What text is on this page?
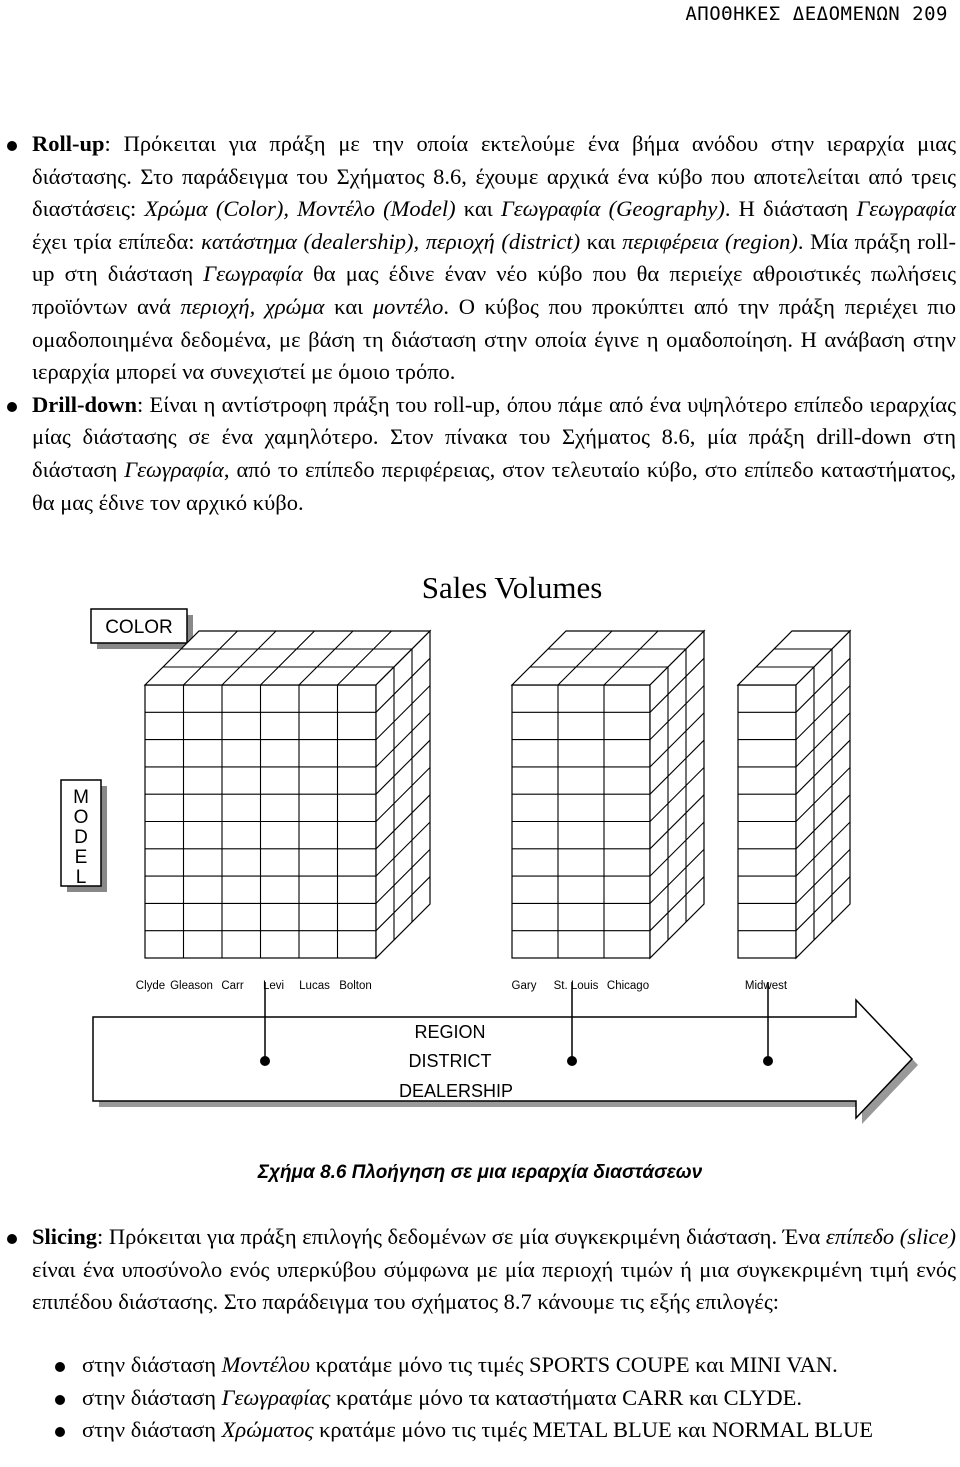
ΑΠΟΘΗΚΕΣ ΔΕΔΟΜΕΝΩΝ 209

Roll-up: Πρόκειται για πράξη με την οποία εκτελούμε ένα βήμα ανόδου στην ιεραρχία μιας διάστασης. Στο παράδειγμα του Σχήματος 8.6, έχουμε αρχικά ένα κύβο που αποτελείται από τρεις διαστάσεις: Χρώμα (Color), Μοντέλο (Model) και Γεωγραφία (Geography). Η διάσταση Γεωγραφία έχει τρία επίπεδα: κατάστημα (dealership), περιοχή (district) και περιφέρεια (region). Μία πράξη roll-up στη διάσταση Γεωγραφία θα μας έδινε έναν νέο κύβο που θα περιείχε αθροιστικές πωλήσεις προϊόντων ανά περιοχή, χρώμα και μοντέλο. Ο κύβος που προκύπτει από την πράξη περιέχει πιο ομαδοποιημένα δεδομένα, με βάση τη διάσταση στην οποία έγινε η ομαδοποίηση. Η ανάβαση στην ιεραρχία μπορεί να συνεχιστεί με όμοιο τρόπο.

Drill-down: Είναι η αντίστροφη πράξη του roll-up, όπου πάμε από ένα υψηλότερο επίπεδο ιεραρχίας μίας διάστασης σε ένα χαμηλότερο. Στον πίνακα του Σχήματος 8.6, μία πράξη drill-down στη διάσταση Γεωγραφία, από το επίπεδο περιφέρειας, στον τελευταίο κύβο, στο επίπεδο καταστήματος, θα μας έδινε τον αρχικό κύβο.

Sales Volumes
COLOR
M
O
D
E
L
Clyde Gleason Carr Levi Lucas Bolton	Gary St. Louis Chicago	Midwest
REGION
DISTRICT
DEALERSHIP
Σχήμα 8.6 Πλοήγηση σε μια ιεραρχία διαστάσεων

Slicing: Πρόκειται για πράξη επιλογής δεδομένων σε μία συγκεκριμένη διάσταση. Ένα επίπεδο (slice) είναι ένα υποσύνολο ενός υπερκύβου σύμφωνα με μία περιοχή τιμών ή μια συγκεκριμένη τιμή ενός επιπέδου διάστασης. Στο παράδειγμα του σχήματος 8.7 κάνουμε τις εξής επιλογές:

στην διάσταση Μοντέλου κρατάμε μόνο τις τιμές SPORTS COUPE και MINI VAN.

στην διάσταση Γεωγραφίας κρατάμε μόνο τα καταστήματα CARR και CLYDE.

στην διάσταση Χρώματος κρατάμε μόνο τις τιμές METAL BLUE και NORMAL BLUE
